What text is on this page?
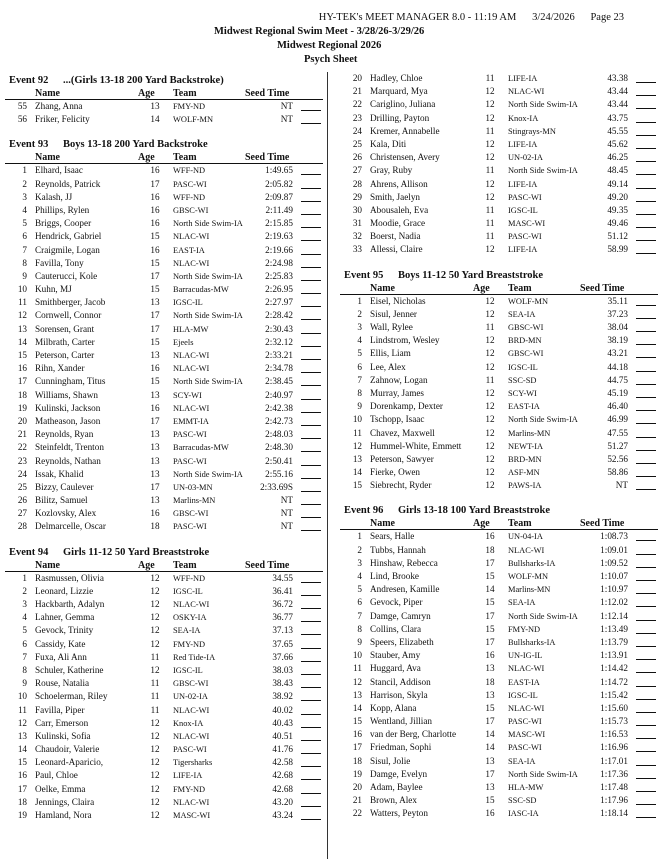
HY-TEK's MEET MANAGER 8.0 - 11:19 AM 3/24/2026 Page 23
Midwest Regional Swim Meet - 3/28/26-3/29/26
Midwest Regional 2026
Psych Sheet
Event 92 ...(Girls 13-18 200 Yard Backstroke)
Name	Age Team	Seed Time
55 Zhang, Anna	13	FMY-ND	NT
56 Friker, Felicity	14	WOLF-MN	NT
Event 93 Boys 13-18 200 Yard Backstroke
Name	Age Team	Seed Time
1 Elhard, Isaac	16	WFF-ND	1:49.65
2 Reynolds, Patrick	17	PASC-WI	2:05.82
3 Kalash, JJ	16	WFF-ND	2:09.87
4 Phillips, Rylen	16	GBSC-WI	2:11.49
5 Briggs, Cooper	16	North Side Swim-IA	2:15.85
6 Hendrick, Gabriel	15	NLAC-WI	2:19.63
7 Craigmile, Logan	16	EAST-IA	2:19.66
8 Favilla, Tony	15	NLAC-WI	2:24.98
9 Cauterucci, Kole	17	North Side Swim-IA	2:25.83
10 Kuhn, MJ	15	Barracudas-MW	2:26.95
11 Smithberger, Jacob	13	IGSC-IL	2:27.97
12 Cornwell, Connor	17	North Side Swim-IA	2:28.42
13 Sorensen, Grant	17	HLA-MW	2:30.43
14 Milbrath, Carter	15	Ejeels	2:32.12
15 Peterson, Carter	13	NLAC-WI	2:33.21
16 Rihn, Xander	16	NLAC-WI	2:34.78
17 Cunningham, Titus	15	North Side Swim-IA	2:38.45
18 Williams, Shawn	13	SCY-WI	2:40.97
19 Kulinski, Jackson	16	NLAC-WI	2:42.38
20 Matheason, Jason	17	EMMT-IA	2:42.73
21 Reynolds, Ryan	13	PASC-WI	2:48.03
22 Steinfeldt, Trenton	13	Barracudas-MW	2:48.30
23 Reynolds, Nathan	13	PASC-WI	2:50.41
24 Issak, Khalid	13	North Side Swim-IA	2:55.16
25 Bizzy, Caulever	17	UN-03-MN	2:33.69S
26 Bilitz, Samuel	13	Marlins-MN	NT
27 Kozlovsky, Alex	16	GBSC-WI	NT
28 Delmarcelle, Oscar	18	PASC-WI	NT
Event 94 Girls 11-12 50 Yard Breaststroke
Name	Age Team	Seed Time
1 Rasmussen, Olivia	12	WFF-ND	34.55
2 Leonard, Lizzie	12	IGSC-IL	36.41
3 Hackbarth, Adalyn	12	NLAC-WI	36.72
4 Lahner, Gemma	12	OSKY-IA	36.77
5 Gevock, Trinity	12	SEA-IA	37.13
6 Cassidy, Kate	12	FMY-ND	37.65
7 Fuxa, Ali Ann	11	Red Tide-IA	37.66
8 Schuler, Katherine	12	IGSC-IL	38.03
9 Rouse, Natalia	11	GBSC-WI	38.43
10 Schoelerman, Riley	11	UN-02-IA	38.92
11 Favilla, Piper	11	NLAC-WI	40.02
12 Carr, Emerson	12	Knox-IA	40.43
13 Kulinski, Sofia	12	NLAC-WI	40.51
14 Chaudoir, Valerie	12	PASC-WI	41.76
15 Leonard-Aparicio,	12	Tigersharks	42.58
16 Paul, Chloe	12	LIFE-IA	42.68
17 Oelke, Emma	12	FMY-ND	42.68
18 Jennings, Claira	12	NLAC-WI	43.20
19 Hamland, Nora	12	MASC-WI	43.24
20 Hadley, Chloe	11	LIFE-IA	43.38
21 Marquard, Mya	12	NLAC-WI	43.44
22 Cariglino, Juliana	12	North Side Swim-IA	43.44
23 Drilling, Payton	12	Knox-IA	43.75
24 Kremer, Annabelle	11	Stingrays-MN	45.55
25 Kala, Diti	12	LIFE-IA	45.62
26 Christensen, Avery	12	UN-02-IA	46.25
27 Gray, Ruby	11	North Side Swim-IA	48.45
28 Ahrens, Allison	12	LIFE-IA	49.14
29 Smith, Jaelyn	12	PASC-WI	49.20
30 Abousaleh, Eva	11	IGSC-IL	49.35
31 Moodie, Grace	11	MASC-WI	49.46
32 Boerst, Nadia	11	PASC-WI	51.12
33 Allessi, Claire	12	LIFE-IA	58.99
Event 95 Boys 11-12 50 Yard Breaststroke
Name	Age Team	Seed Time
1 Eisel, Nicholas	12	WOLF-MN	35.11
2 Sisul, Jenner	12	SEA-IA	37.23
3 Wall, Rylee	11	GBSC-WI	38.04
4 Lindstrom, Wesley	12	BRD-MN	38.19
5 Ellis, Liam	12	GBSC-WI	43.21
6 Lee, Alex	12	IGSC-IL	44.18
7 Zahnow, Logan	11	SSC-SD	44.75
8 Murray, James	12	SCY-WI	45.19
9 Dorenkamp, Dexter	12	EAST-IA	46.40
10 Tschopp, Isaac	12	North Side Swim-IA	46.99
11 Chavez, Maxwell	12	Marlins-MN	47.55
12 Hummel-White, Emmett	12	NEWT-IA	51.27
13 Peterson, Sawyer	12	BRD-MN	52.56
14 Fierke, Owen	12	ASF-MN	58.86
15 Siebrecht, Ryder	12	PAWS-IA	NT
Event 96 Girls 13-18 100 Yard Breaststroke
Name	Age Team	Seed Time
1 Sears, Halle	16	UN-04-IA	1:08.73
2 Tubbs, Hannah	18	NLAC-WI	1:09.01
3 Hinshaw, Rebecca	17	Bullsharks-IA	1:09.52
4 Lind, Brooke	15	WOLF-MN	1:10.07
5 Andresen, Kamille	14	Marlins-MN	1:10.97
6 Gevock, Piper	15	SEA-IA	1:12.02
7 Damge, Camryn	17	North Side Swim-IA	1:12.14
8 Collins, Clara	15	FMY-ND	1:13.49
9 Speers, Elizabeth	17	Bullsharks-IA	1:13.79
10 Stauber, Amy	16	UN-IG-IL	1:13.91
11 Huggard, Ava	13	NLAC-WI	1:14.42
12 Stancil, Addison	18	EAST-IA	1:14.72
13 Harrison, Skyla	13	IGSC-IL	1:15.42
14 Kopp, Alana	15	NLAC-WI	1:15.60
15 Wentland, Jillian	17	PASC-WI	1:15.73
16 van der Berg, Charlotte	14	MASC-WI	1:16.53
17 Friedman, Sophi	14	PASC-WI	1:16.96
18 Sisul, Jolie	13	SEA-IA	1:17.01
19 Damge, Evelyn	17	North Side Swim-IA	1:17.36
20 Adam, Baylee	13	HLA-MW	1:17.48
21 Brown, Alex	15	SSC-SD	1:17.96
22 Watters, Peyton	16	IASC-IA	1:18.14
